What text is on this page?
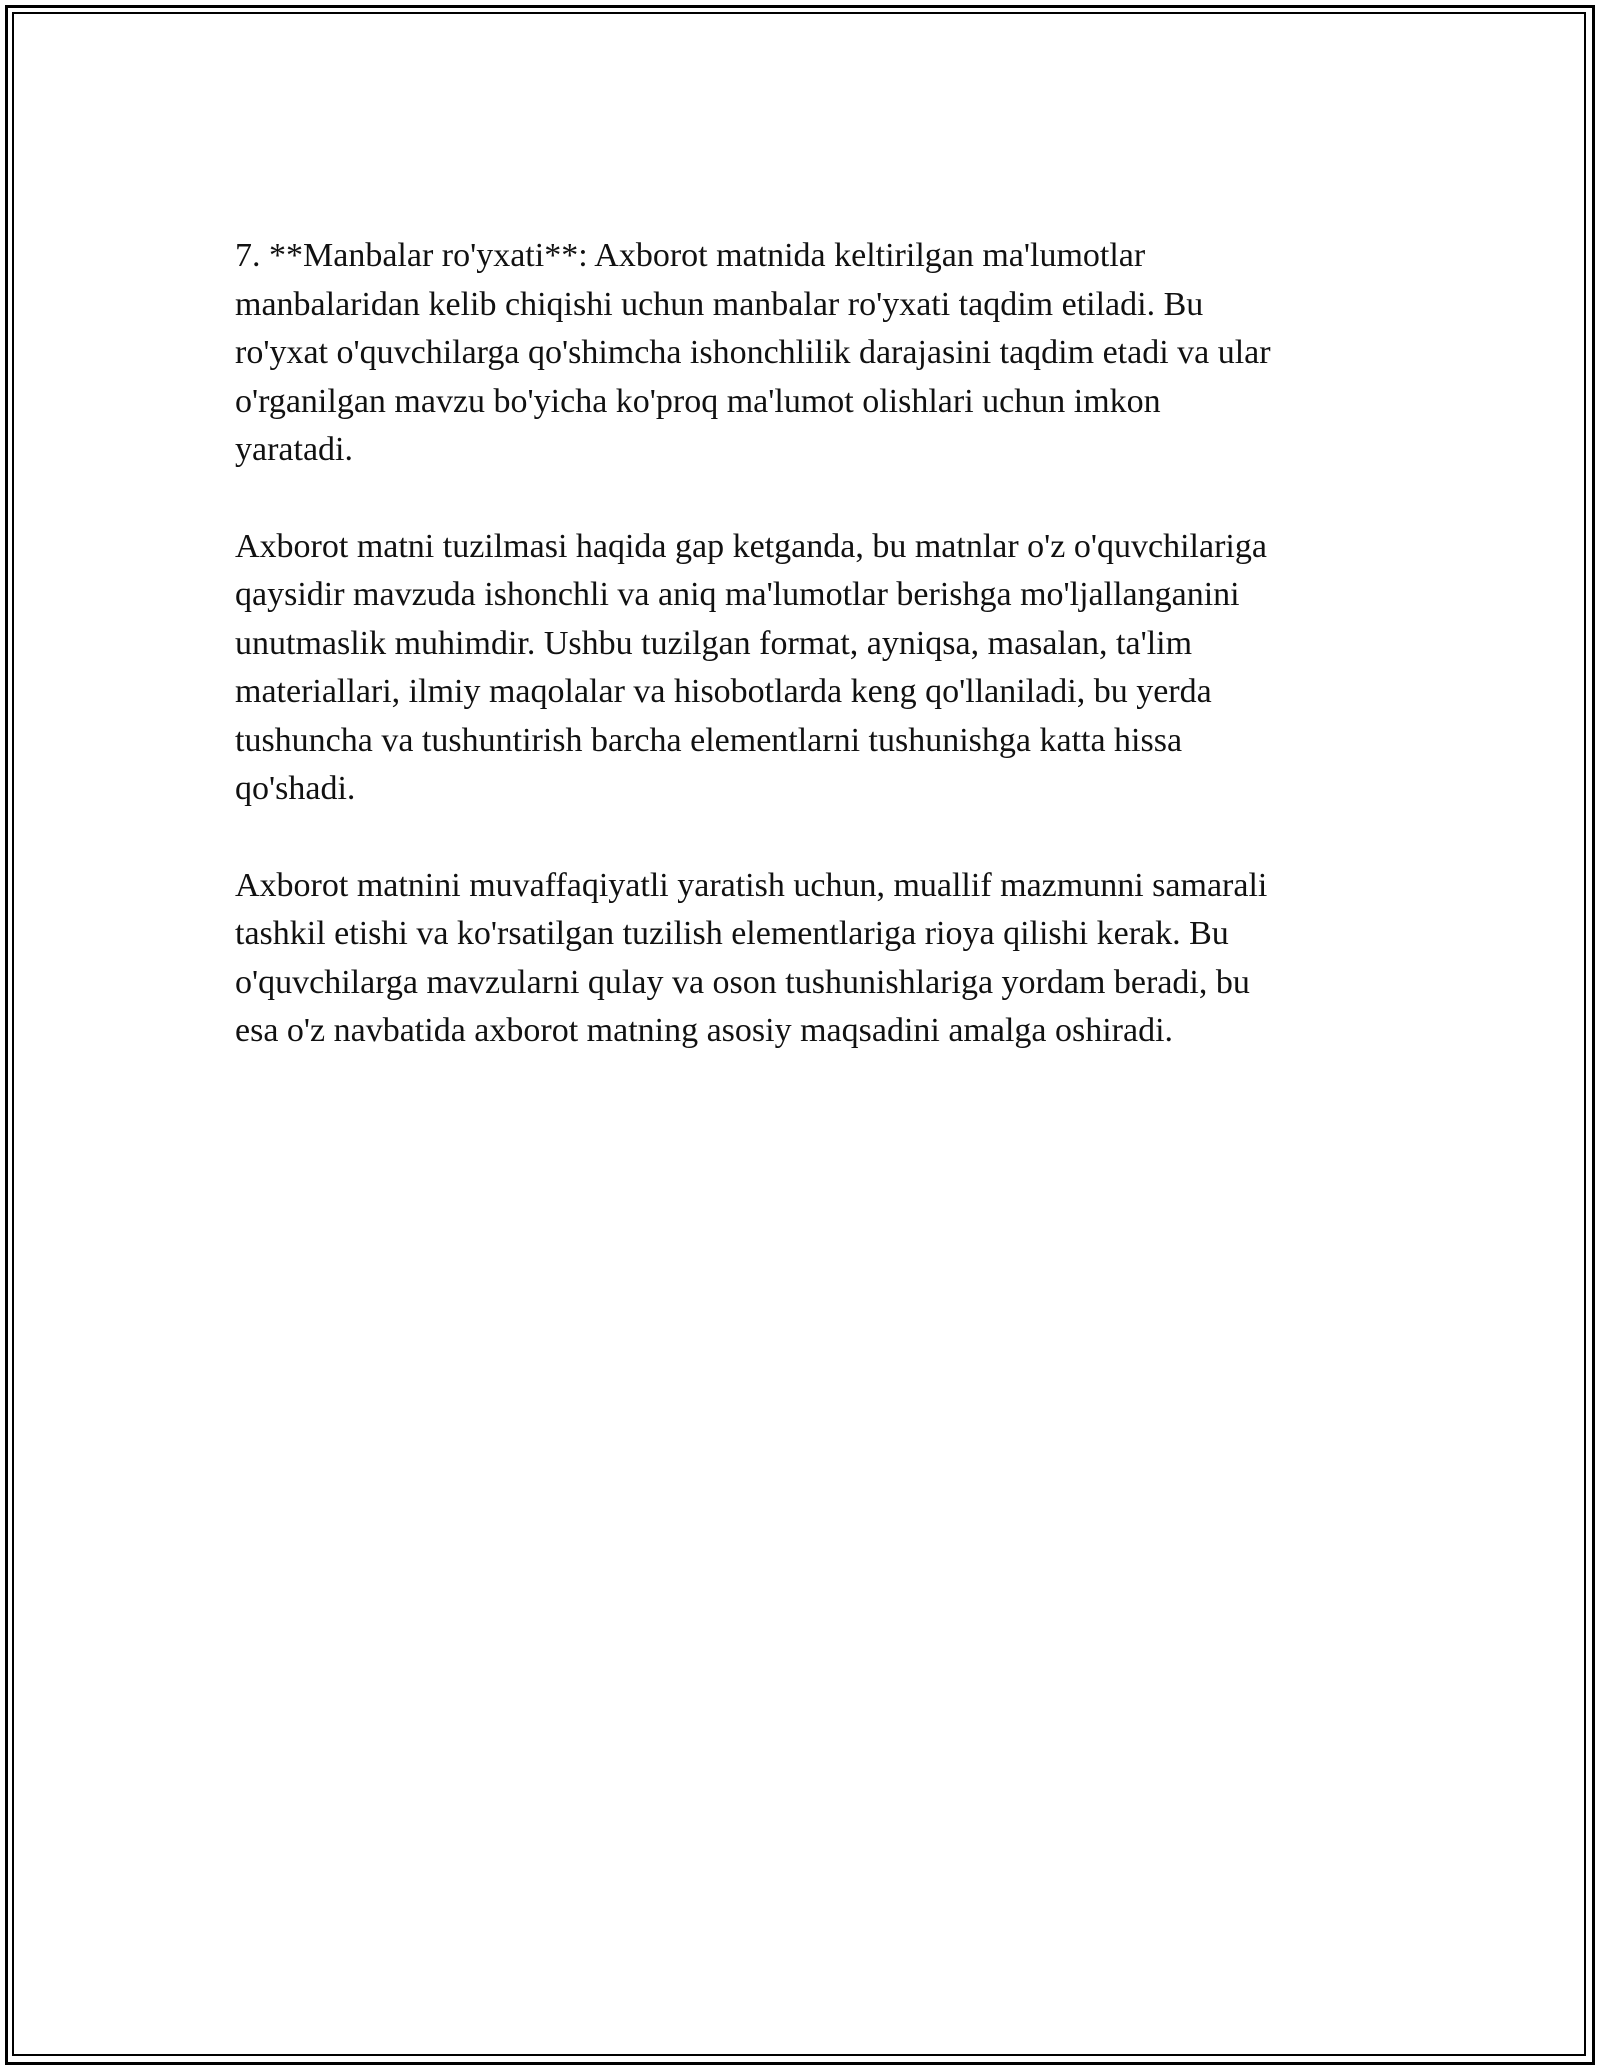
7. **Manbalar ro'yxati**: Axborot matnida keltirilgan ma'lumotlar
manbalaridan kelib chiqishi uchun manbalar ro'yxati taqdim etiladi. Bu
ro'yxat o'quvchilarga qo'shimcha ishonchlilik darajasini taqdim etadi va ular
o'rganilgan mavzu bo'yicha ko'proq ma'lumot olishlari uchun imkon
yaratadi.

Axborot matni tuzilmasi haqida gap ketganda, bu matnlar o'z o'quvchilariga
qaysidir mavzuda ishonchli va aniq ma'lumotlar berishga mo'ljallanganini
unutmaslik muhimdir. Ushbu tuzilgan format, ayniqsa, masalan, ta'lim
materiallari, ilmiy maqolalar va hisobotlarda keng qo'llaniladi, bu yerda
tushuncha va tushuntirish barcha elementlarni tushunishga katta hissa
qo'shadi.

Axborot matnini muvaffaqiyatli yaratish uchun, muallif mazmunni samarali
tashkil etishi va ko'rsatilgan tuzilish elementlariga rioya qilishi kerak. Bu
o'quvchilarga mavzularni qulay va oson tushunishlariga yordam beradi, bu
esa o'z navbatida axborot matning asosiy maqsadini amalga oshiradi.
